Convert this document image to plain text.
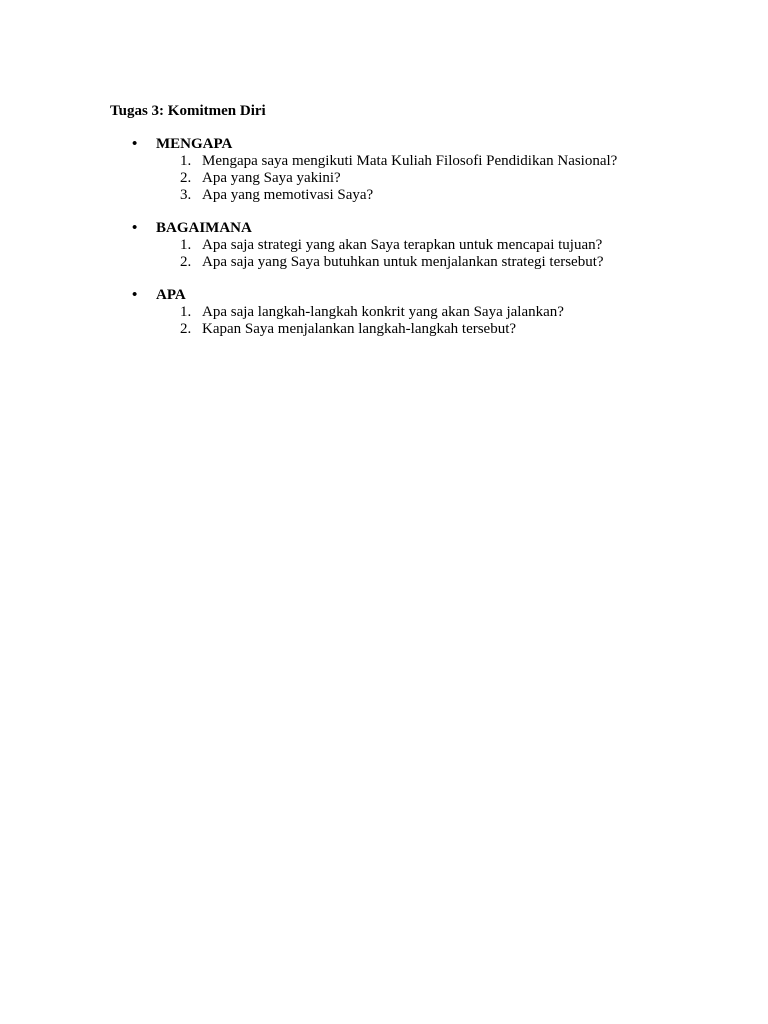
Tugas 3: Komitmen Diri
• MENGAPA
1. Mengapa saya mengikuti Mata Kuliah Filosofi Pendidikan Nasional?
2. Apa yang Saya yakini?
3. Apa yang memotivasi Saya?
• BAGAIMANA
1. Apa saja strategi yang akan Saya terapkan untuk mencapai tujuan?
2. Apa saja yang Saya butuhkan untuk menjalankan strategi tersebut?
• APA
1. Apa saja langkah-langkah konkrit yang akan Saya jalankan?
2. Kapan Saya menjalankan langkah-langkah tersebut?
